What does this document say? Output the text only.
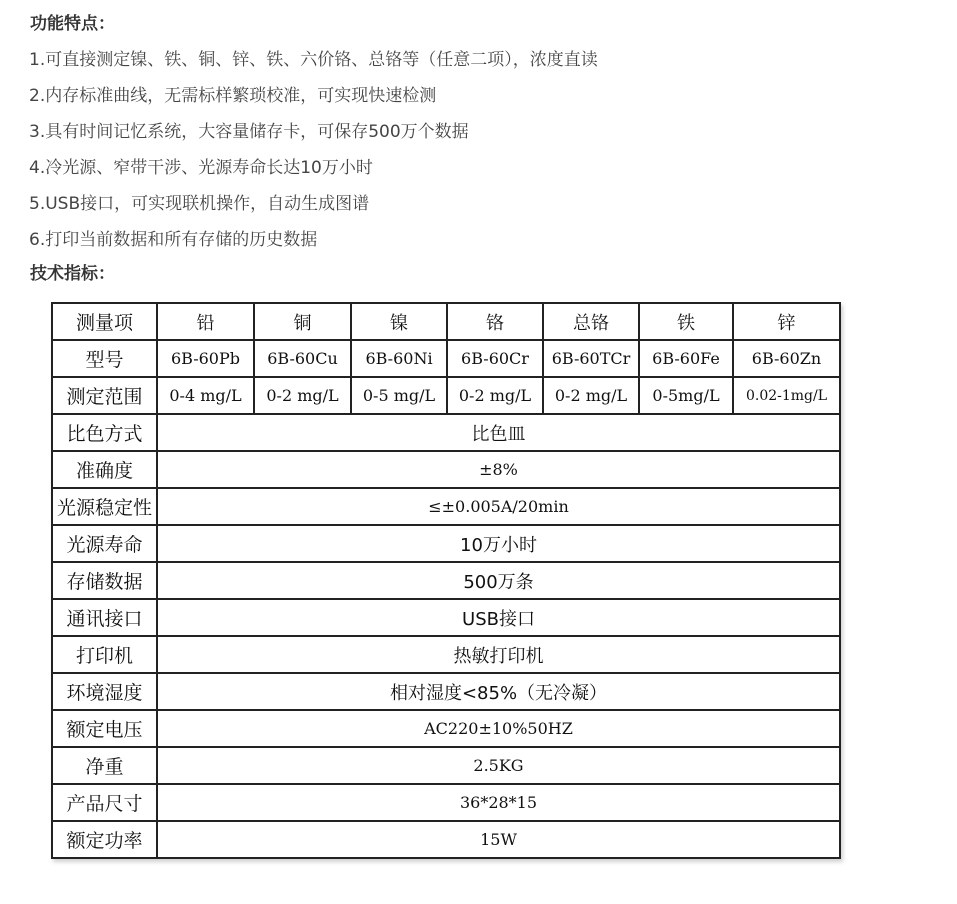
功能特点：
1.可直接测定镍、铁、铜、锌、铁、六价铬、总铬等（任意二项），浓度直读
2.内存标准曲线，无需标样繁琐校准，可实现快速检测
3.具有时间记忆系统，大容量储存卡，可保存500万个数据
4.冷光源、窄带干涉、光源寿命长达10万小时
5.USB接口，可实现联机操作，自动生成图谱
6.打印当前数据和所有存储的历史数据
技术指标：
测量项	铅	铜	镍	铬	总铬	铁	锌
型号	6B-60Pb	6B-60Cu	6B-60Ni	6B-60Cr	6B-60TCr	6B-60Fe	6B-60Zn
测定范围	0-4 mg/L	0-2 mg/L	0-5 mg/L	0-2 mg/L	0-2 mg/L	0-5mg/L	0.02-1mg/L
比色方式	比色皿						
准确度	±8%						
光源稳定性	≤±0.005A/20min						
光源寿命	10万小时						
存储数据	500万条						
通讯接口	USB接口						
打印机	热敏打印机						
环境湿度	相对湿度<85%（无冷凝）						
额定电压	AC220±10%50HZ						
净重	2.5KG						
产品尺寸	36*28*15						
额定功率	15W						
